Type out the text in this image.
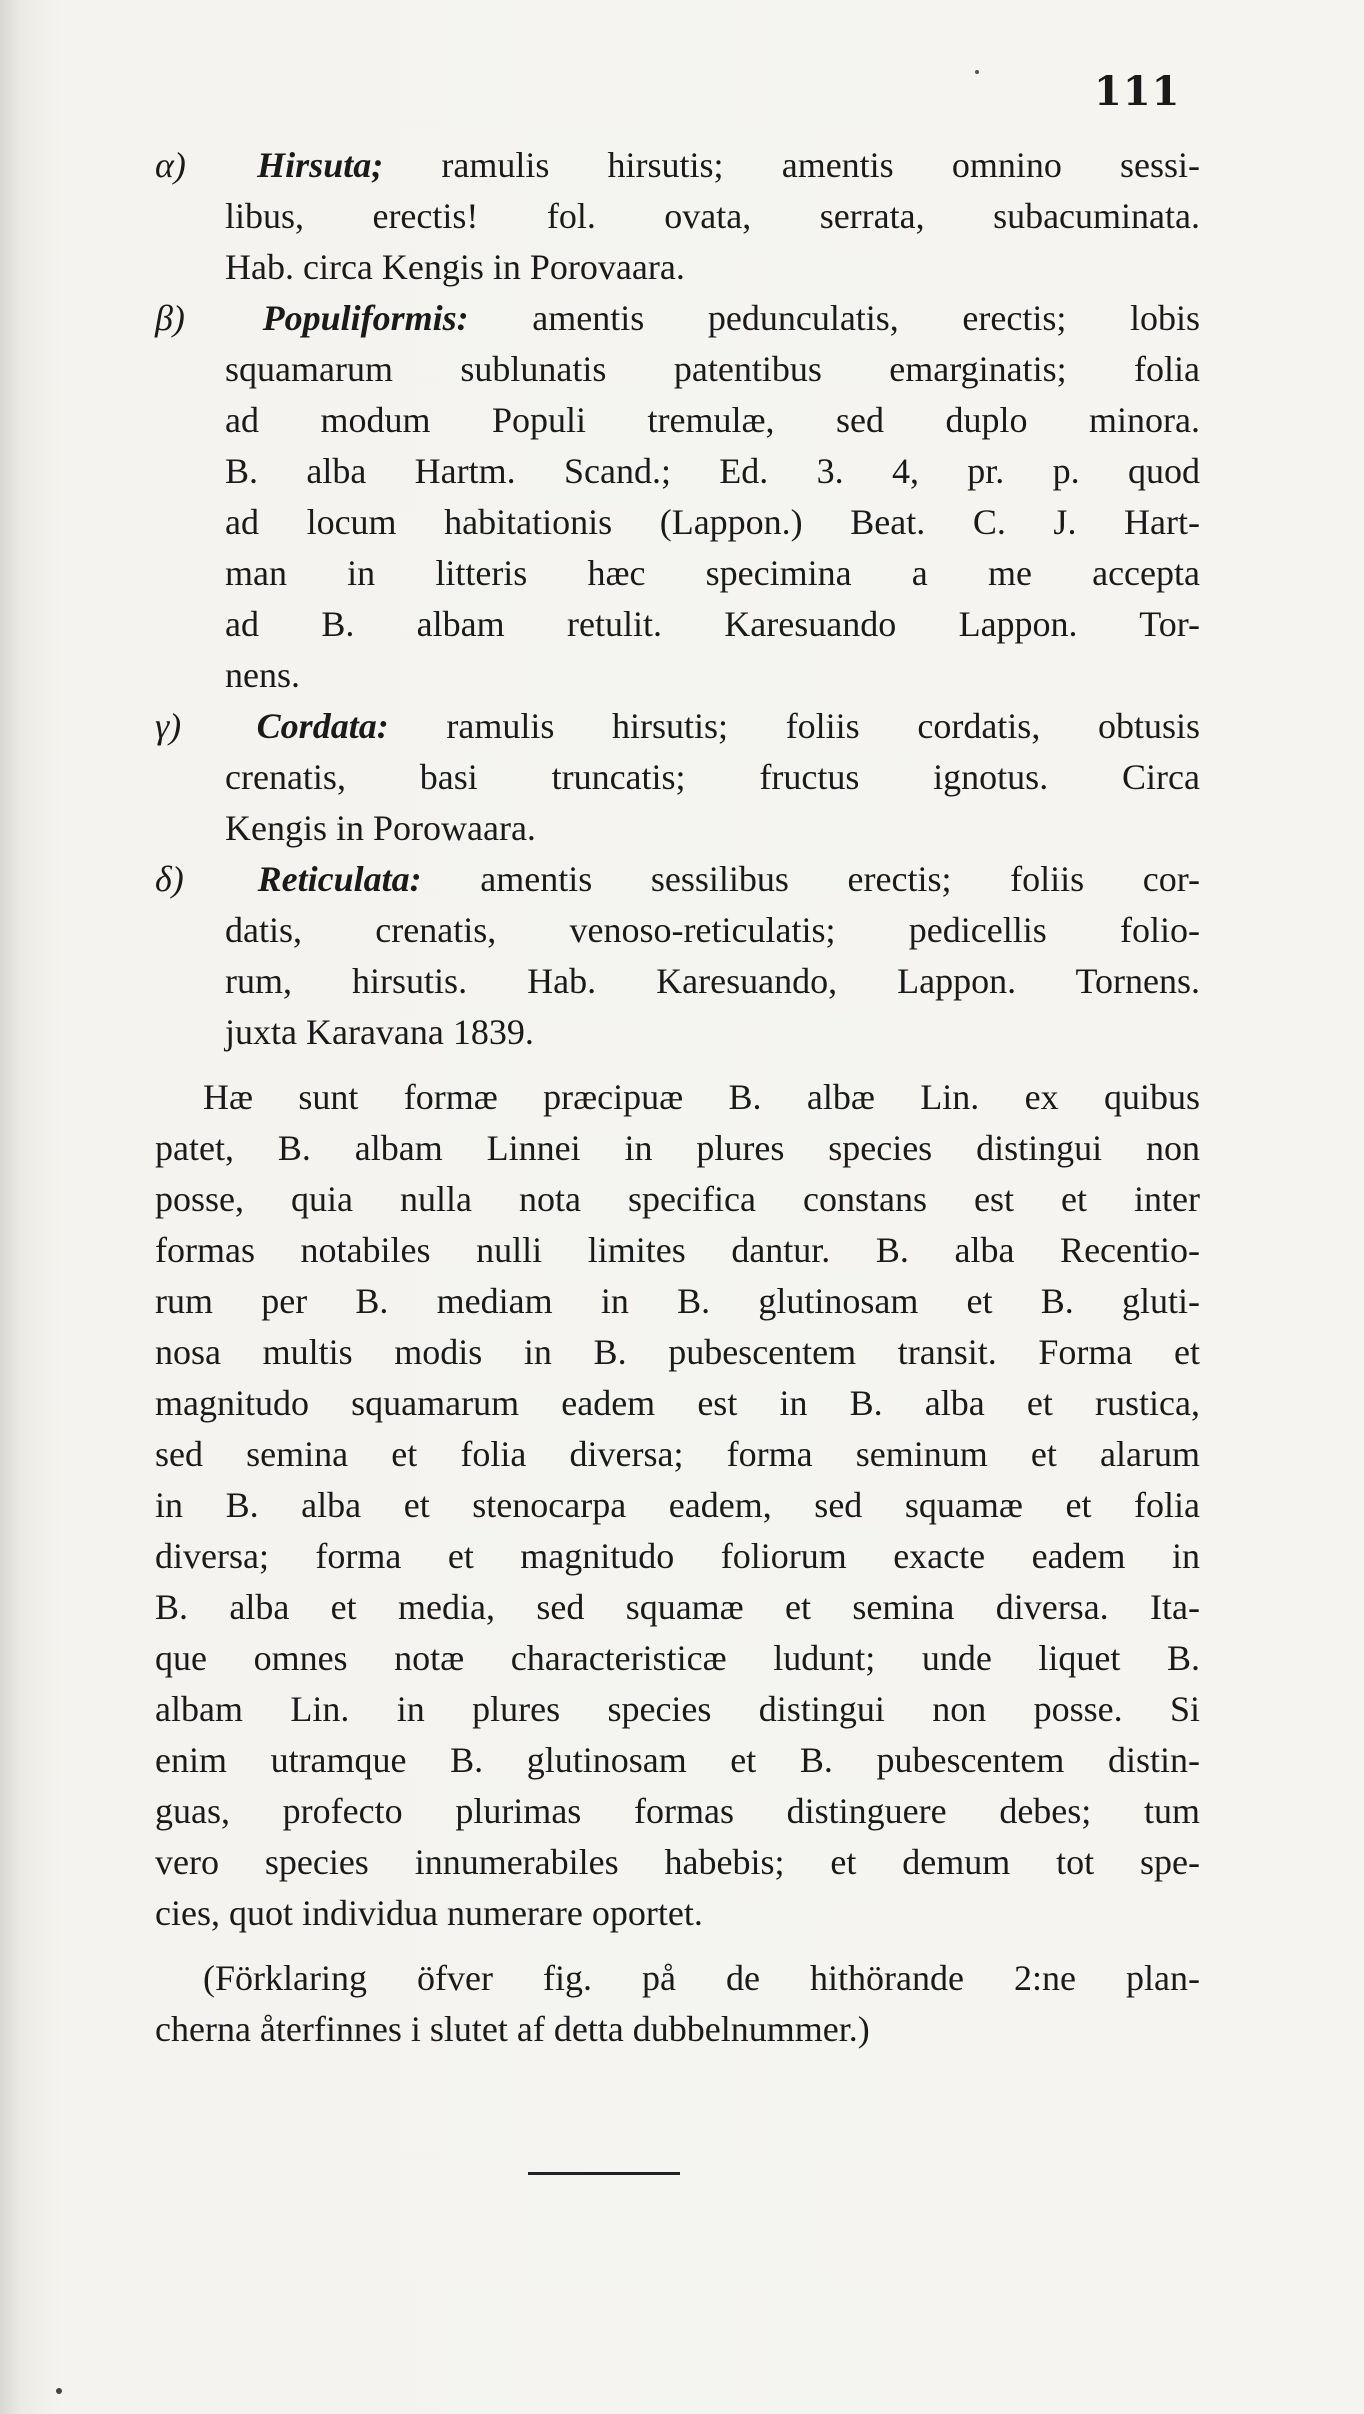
111
α) Hirsuta; ramulis hirsutis; amentis omnino sessi-
libus, erectis! fol. ovata, serrata, subacuminata.
Hab. circa Kengis in Porovaara.
β) Populiformis: amentis pedunculatis, erectis; lobis
squamarum sublunatis patentibus emarginatis; folia
ad modum Populi tremulæ, sed duplo minora.
B. alba Hartm. Scand.; Ed. 3. 4, pr. p. quod
ad locum habitationis (Lappon.) Beat. C. J. Hart-
man in litteris hæc specimina a me accepta
ad B. albam retulit. Karesuando Lappon. Tor-
nens.
γ) Cordata: ramulis hirsutis; foliis cordatis, obtusis
crenatis, basi truncatis; fructus ignotus. Circa
Kengis in Porowaara.
δ) Reticulata: amentis sessilibus erectis; foliis cor-
datis, crenatis, venoso-reticulatis; pedicellis folio-
rum, hirsutis. Hab. Karesuando, Lappon. Tornens.
juxta Karavana 1839.
Hæ sunt formæ præcipuæ B. albæ Lin. ex quibus
patet, B. albam Linnei in plures species distingui non
posse, quia nulla nota specifica constans est et inter
formas notabiles nulli limites dantur. B. alba Recentio-
rum per B. mediam in B. glutinosam et B. gluti-
nosa multis modis in B. pubescentem transit. Forma et
magnitudo squamarum eadem est in B. alba et rustica,
sed semina et folia diversa; forma seminum et alarum
in B. alba et stenocarpa eadem, sed squamæ et folia
diversa; forma et magnitudo foliorum exacte eadem in
B. alba et media, sed squamæ et semina diversa. Ita-
que omnes notæ characteristicæ ludunt; unde liquet B.
albam Lin. in plures species distingui non posse. Si
enim utramque B. glutinosam et B. pubescentem distin-
guas, profecto plurimas formas distinguere debes; tum
vero species innumerabiles habebis; et demum tot spe-
cies, quot individua numerare oportet.
(Förklaring öfver fig. på de hithörande 2:ne plan-
cherna återfinnes i slutet af detta dubbelnummer.)
